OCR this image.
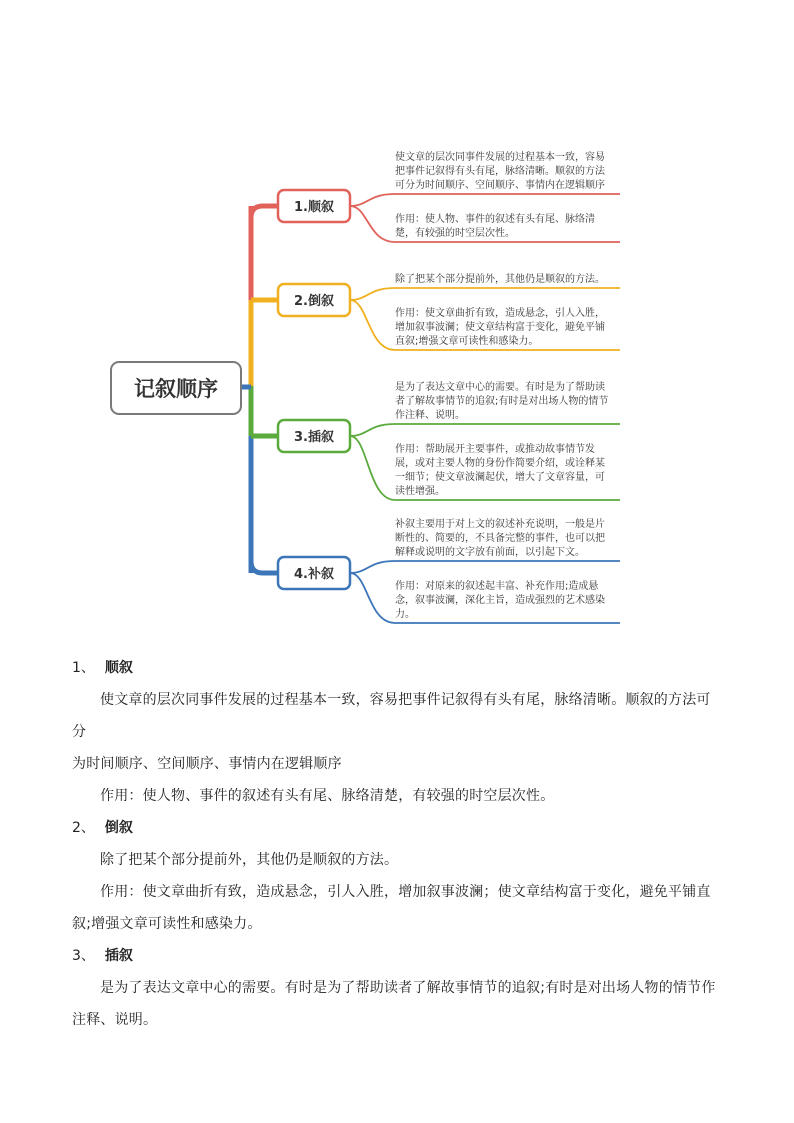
1.顺叙
使文章的层次同事件发展的过程基本一致，容易
把事件记叙得有头有尾，脉络清晰。顺叙的方法
可分为时间顺序、空间顺序、事情内在逻辑顺序
作用：使人物、事件的叙述有头有尾、脉络清
楚，有较强的时空层次性。
2.倒叙
除了把某个部分提前外，其他仍是顺叙的方法。
作用：使文章曲折有致，造成悬念，引人入胜，
增加叙事波澜；使文章结构富于变化，避免平铺
直叙;增强文章可读性和感染力。
3.插叙
是为了表达文章中心的需要。有时是为了帮助读
者了解故事情节的追叙;有时是对出场人物的情节
作注释、说明。
作用：帮助展开主要事件，或推动故事情节发
展，或对主要人物的身份作简要介绍，或诠释某
一细节；使文章波澜起伏，增大了文章容量，可
读性增强。
4.补叙
补叙主要用于对上文的叙述补充说明，一般是片
断性的、简要的，不具备完整的事件，也可以把
解释或说明的文字放有前面，以引起下文。
作用：对原来的叙述起丰富、补充作用;造成悬
念，叙事波澜，深化主旨，造成强烈的艺术感染
力。
记叙顺序

1、 顺叙

使文章的层次同事件发展的过程基本一致，容易把事件记叙得有头有尾，脉络清晰。顺叙的方法可分
为时间顺序、空间顺序、事情内在逻辑顺序

作用：使人物、事件的叙述有头有尾、脉络清楚，有较强的时空层次性。

2、 倒叙

除了把某个部分提前外，其他仍是顺叙的方法。

作用：使文章曲折有致，造成悬念，引人入胜，增加叙事波澜；使文章结构富于变化，避免平铺直
叙;增强文章可读性和感染力。

3、 插叙

是为了表达文章中心的需要。有时是为了帮助读者了解故事情节的追叙;有时是对出场人物的情节作
注释、说明。
